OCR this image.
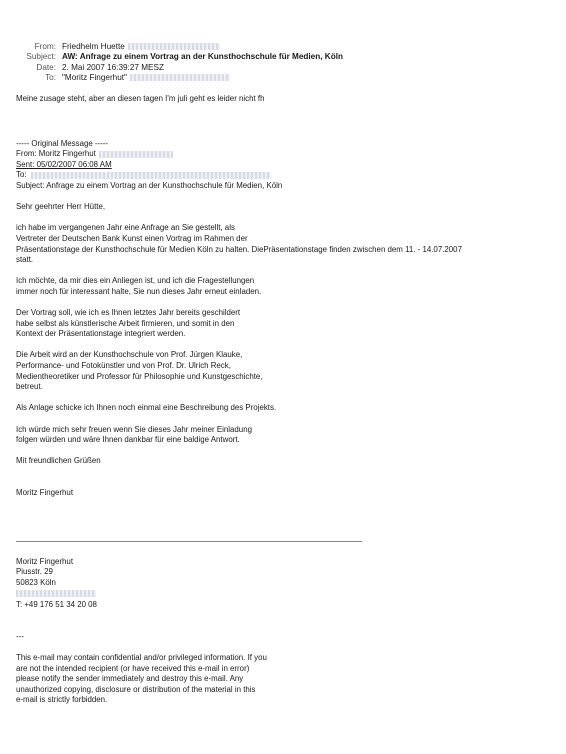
From: Friedhelm Huette
Subject: AW: Anfrage zu einem Vortrag an der Kunsthochschule für Medien, Köln
Date: 2. Mai 2007 16:39:27 MESZ
To: "Moritz Fingerhut"

Meine zusage steht, aber an diesen tagen I'm juli geht es leider nicht fh

----- Original Message -----

From: Moritz Fingerhut

Sent: 05/02/2007 06:08 AM

To:

Subject: Anfrage zu einem Vortrag an der Kunsthochschule für Medien, Köln

Sehr geehrter Herr Hütte,

ich habe im vergangenen Jahr eine Anfrage an Sie gestellt, als
Vertreter der Deutschen Bank Kunst einen Vortrag im Rahmen der
Präsentationstage der Kunsthochschule für Medien Köln zu halten. DiePräsentationstage finden zwischen dem 11. - 14.07.2007
statt.

Ich möchte, da mir dies ein Anliegen ist, und ich die Fragestellungen
immer noch für interessant halte, Sie nun dieses Jahr erneut einladen.

Der Vortrag soll, wie ich es Ihnen letztes Jahr bereits geschildert
habe selbst als künstlerische Arbeit firmieren, und somit in den
Kontext der Präsentationstage integriert werden.

Die Arbeit wird an der Kunsthochschule von Prof. Jürgen Klauke,
Performance- und Fotokünstler und von Prof. Dr. Ulrich Reck,
Medientheoretiker und Professor für Philosophie und Kunstgeschichte,
betreut.

Als Anlage schicke ich Ihnen noch einmal eine Beschreibung des Projekts.

Ich würde mich sehr freuen wenn Sie dieses Jahr meiner Einladung
folgen würden und wäre Ihnen dankbar für eine baldige Antwort.

Mit freundlichen Grüßen

Moritz Fingerhut

Moritz Fingerhut

Piusstr. 29

50823 Köln

T: +49 176 51 34 20 08

---

This e-mail may contain confidential and/or privileged information. If you
are not the intended recipient (or have received this e-mail in error)
please notify the sender immediately and destroy this e-mail. Any
unauthorized copying, disclosure or distribution of the material in this
e-mail is strictly forbidden.
